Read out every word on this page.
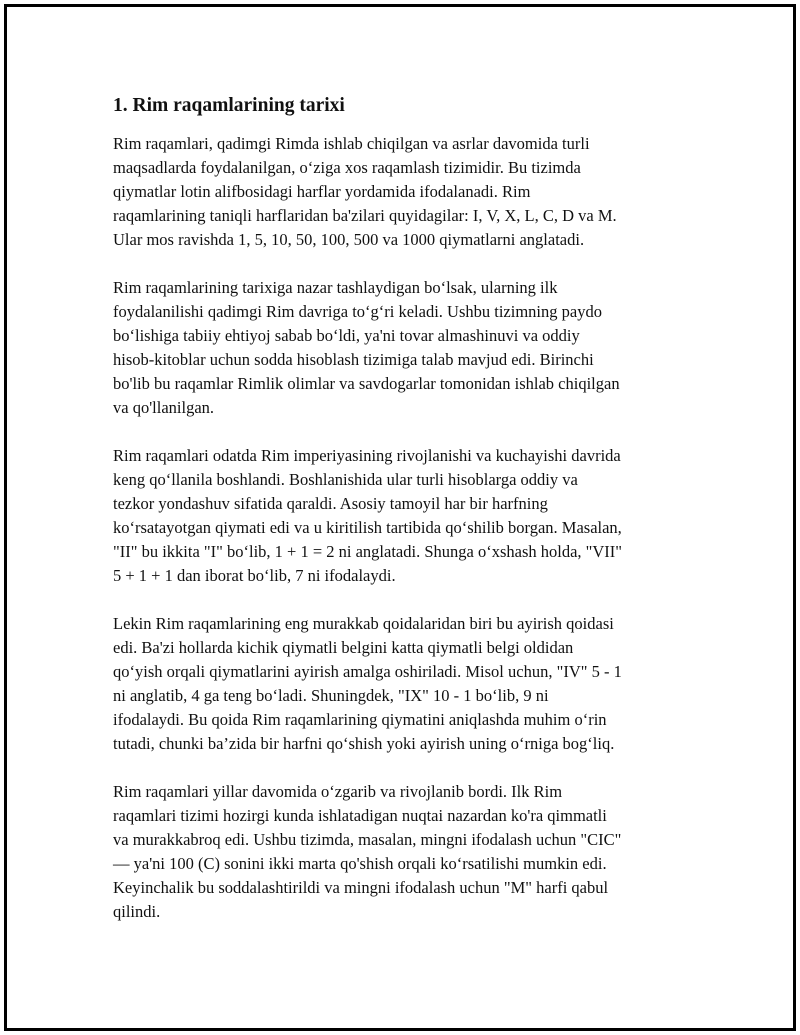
1. Rim raqamlarining tarixi

Rim raqamlari, qadimgi Rimda ishlab chiqilgan va asrlar davomida turli
maqsadlarda foydalanilgan, o‘ziga xos raqamlash tizimidir. Bu tizimda
qiymatlar lotin alifbosidagi harflar yordamida ifodalanadi. Rim
raqamlarining taniqli harflaridan ba'zilari quyidagilar: I, V, X, L, C, D va M.
Ular mos ravishda 1, 5, 10, 50, 100, 500 va 1000 qiymatlarni anglatadi.

Rim raqamlarining tarixiga nazar tashlaydigan bo‘lsak, ularning ilk
foydalanilishi qadimgi Rim davriga to‘g‘ri keladi. Ushbu tizimning paydo
bo‘lishiga tabiiy ehtiyoj sabab bo‘ldi, ya'ni tovar almashinuvi va oddiy
hisob-kitoblar uchun sodda hisoblash tizimiga talab mavjud edi. Birinchi
bo'lib bu raqamlar Rimlik olimlar va savdogarlar tomonidan ishlab chiqilgan
va qo'llanilgan.

Rim raqamlari odatda Rim imperiyasining rivojlanishi va kuchayishi davrida
keng qo‘llanila boshlandi. Boshlanishida ular turli hisoblarga oddiy va
tezkor yondashuv sifatida qaraldi. Asosiy tamoyil har bir harfning
ko‘rsatayotgan qiymati edi va u kiritilish tartibida qo‘shilib borgan. Masalan,
"II" bu ikkita "I" bo‘lib, 1 + 1 = 2 ni anglatadi. Shunga o‘xshash holda, "VII"
5 + 1 + 1 dan iborat bo‘lib, 7 ni ifodalaydi.

Lekin Rim raqamlarining eng murakkab qoidalaridan biri bu ayirish qoidasi
edi. Ba'zi hollarda kichik qiymatli belgini katta qiymatli belgi oldidan
qo‘yish orqali qiymatlarini ayirish amalga oshiriladi. Misol uchun, "IV" 5 - 1
ni anglatib, 4 ga teng bo‘ladi. Shuningdek, "IX" 10 - 1 bo‘lib, 9 ni
ifodalaydi. Bu qoida Rim raqamlarining qiymatini aniqlashda muhim o‘rin
tutadi, chunki ba’zida bir harfni qo‘shish yoki ayirish uning o‘rniga bog‘liq.

Rim raqamlari yillar davomida o‘zgarib va rivojlanib bordi. Ilk Rim
raqamlari tizimi hozirgi kunda ishlatadigan nuqtai nazardan ko'ra qimmatli
va murakkabroq edi. Ushbu tizimda, masalan, mingni ifodalash uchun "CIC"
— ya'ni 100 (C) sonini ikki marta qo'shish orqali ko‘rsatilishi mumkin edi.
Keyinchalik bu soddalashtirildi va mingni ifodalash uchun "M" harfi qabul
qilindi.
